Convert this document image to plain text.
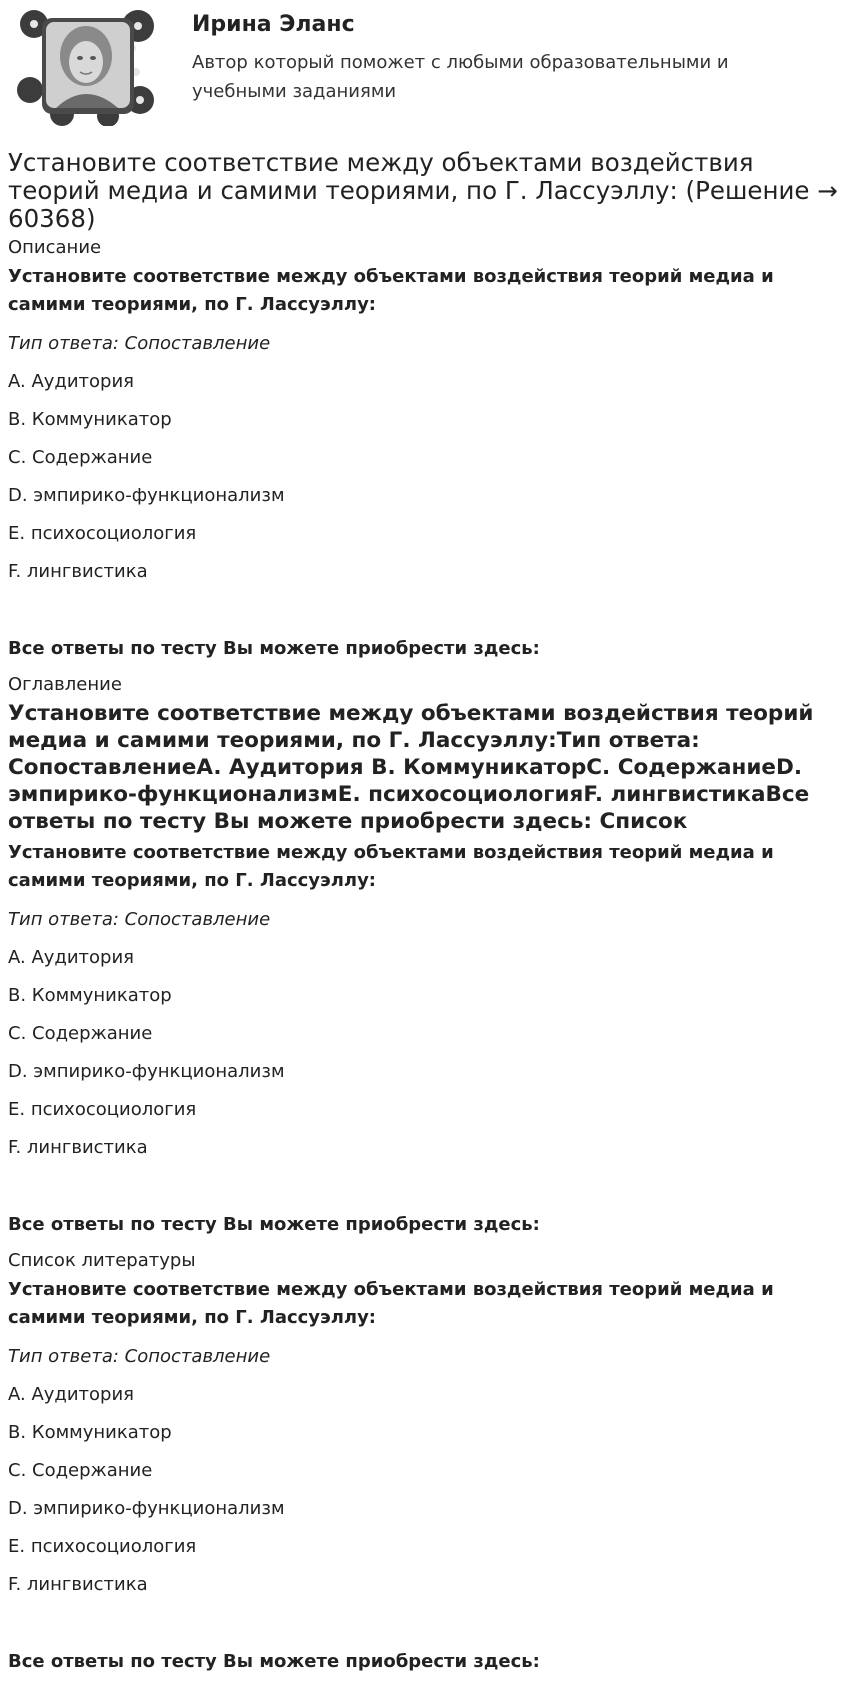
Ирина Эланс
Автор который поможет с любыми образовательными и учебными заданиями
Установите соответствие между объектами воздействия теорий медиа и самими теориями, по Г. Лассуэллу: (Решение → 60368)
Описание
Установите соответствие между объектами воздействия теорий медиа и самими теориями, по Г. Лассуэллу:
Тип ответа: Сопоставление
A. Аудитория
B. Коммуникатор
C. Содержание
D. эмпирико-функционализм
E. психосоциология
F. лингвистика
Все ответы по тесту Вы можете приобрести здесь:
Оглавление
Установите соответствие между объектами воздействия теорий медиа и самими теориями, по Г. Лассуэллу:Тип ответа: СопоставлениеA. Аудитория B. КоммуникаторC. СодержаниеD. эмпирико-функционализмE. психосоциологияF. лингвистикаВсе ответы по тесту Вы можете приобрести здесь: Список
Установите соответствие между объектами воздействия теорий медиа и самими теориями, по Г. Лассуэллу:
Тип ответа: Сопоставление
A. Аудитория
B. Коммуникатор
C. Содержание
D. эмпирико-функционализм
E. психосоциология
F. лингвистика
Все ответы по тесту Вы можете приобрести здесь:
Список литературы
Установите соответствие между объектами воздействия теорий медиа и самими теориями, по Г. Лассуэллу:
Тип ответа: Сопоставление
A. Аудитория
B. Коммуникатор
C. Содержание
D. эмпирико-функционализм
E. психосоциология
F. лингвистика
Все ответы по тесту Вы можете приобрести здесь:
